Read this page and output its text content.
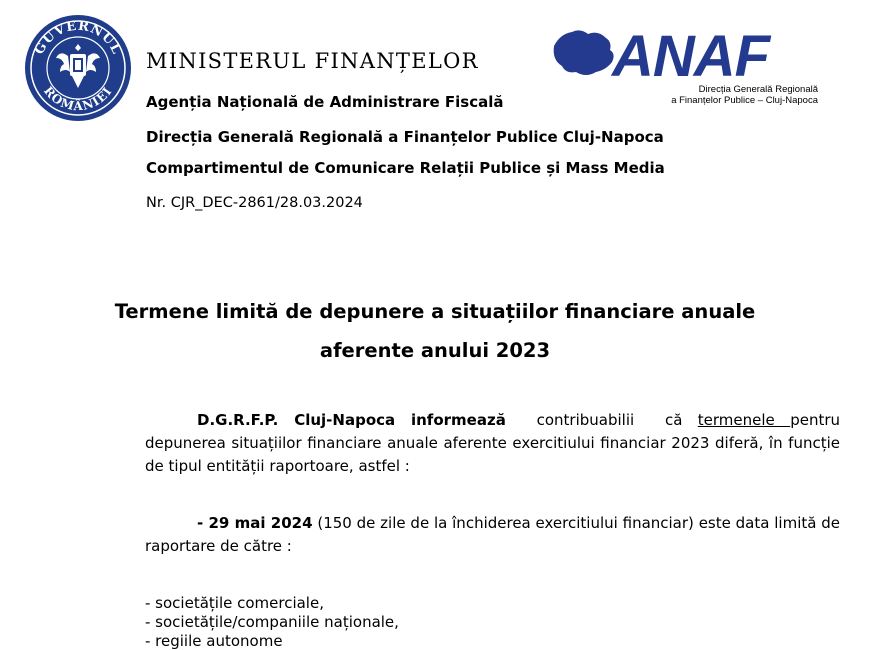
GUVERNUL
ROMÂNIEI
MINISTERUL FINANȚELOR
Agenția Națională de Administrare Fiscală
Direcția Generală Regională a Finanțelor Publice Cluj-Napoca
Compartimentul de Comunicare Relații Publice și Mass Media
Nr. CJR_DEC-2861/28.03.2024
ANAF
Direcția Generală Regională
a Finanțelor Publice – Cluj-Napoca
Termene limită de depunere a situațiilor financiare anuale
aferente anului 2023
D.G.R.F.P. Cluj-Napoca informează  contribuabilii  că termenele pentru depunerea situațiilor financiare anuale aferente exercitiului financiar 2023 diferă, în funcție de tipul entității raportoare, astfel :
- 29 mai 2024 (150 de zile de la închiderea exercitiului financiar) este data limită de raportare de către :
- societățile comerciale,
- societățile/companiile naționale,
- regiile autonome
